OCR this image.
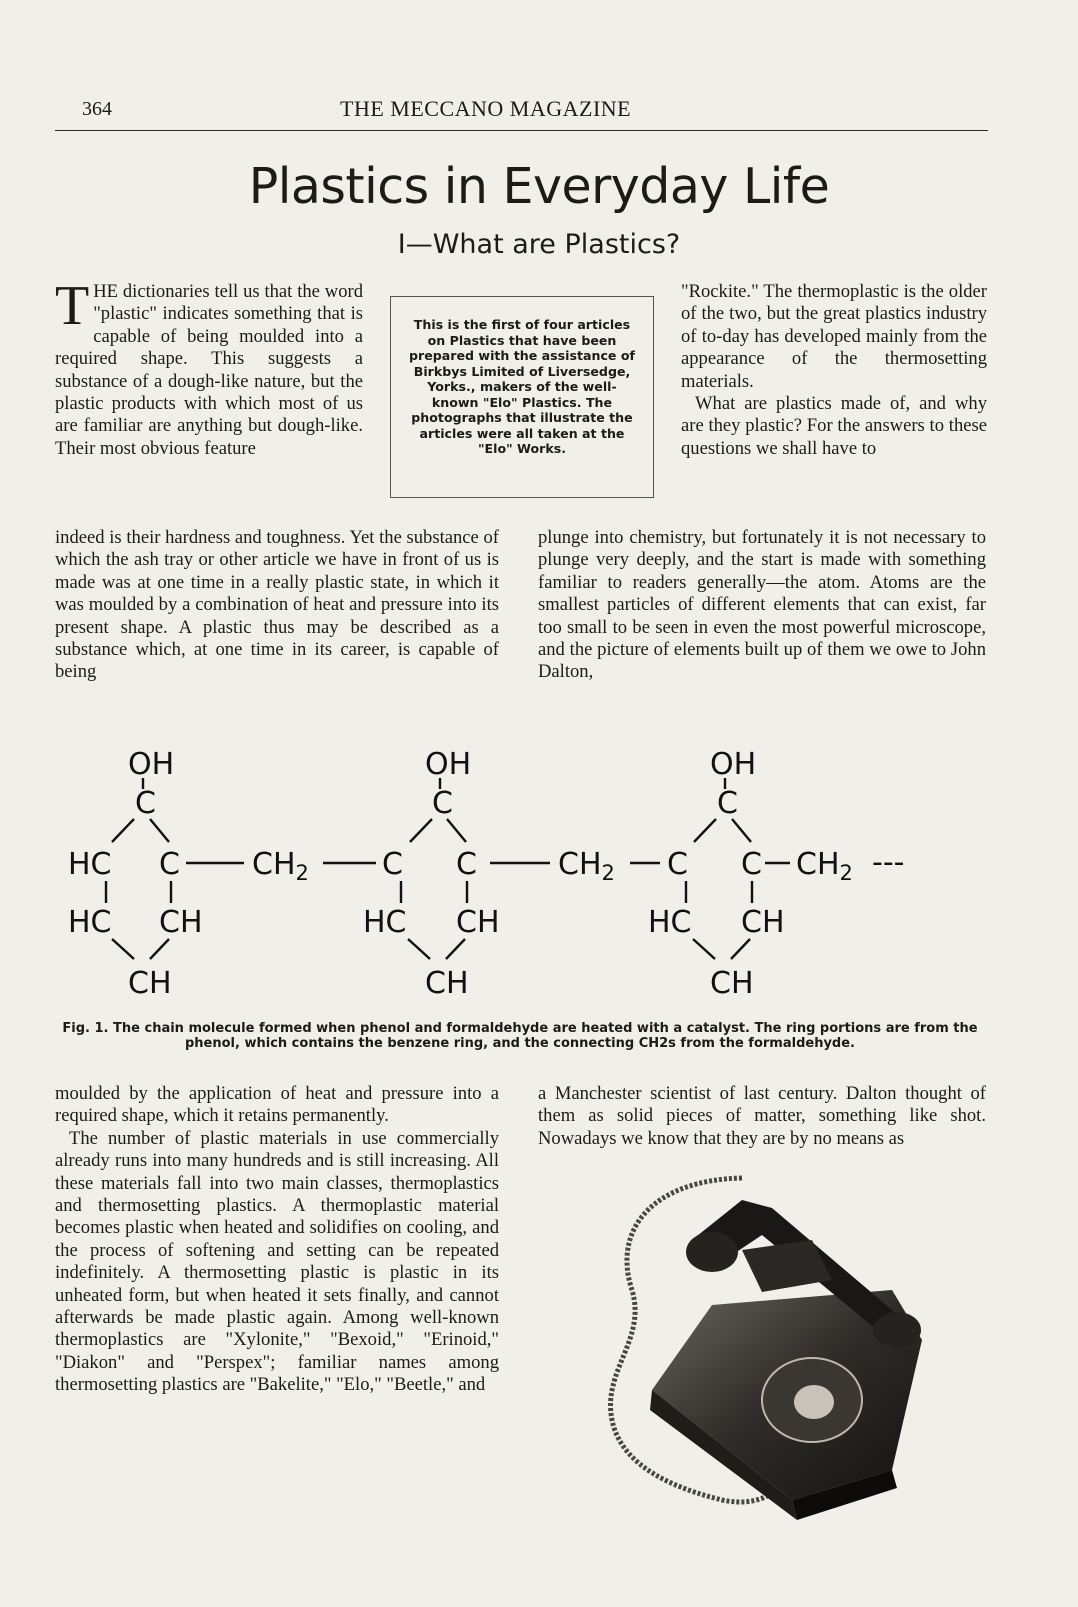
364	THE MECCANO MAGAZINE
Plastics in Everyday Life
I—What are Plastics?
THE dictionaries tell us that the word "plastic" indicates something that is capable of being moulded into a required shape. This suggests a substance of a dough-like nature, but the plastic products with which most of us are familiar are anything but dough-like. Their most obvious feature

This is the first of four articles on Plastics that have been prepared with the assistance of Birkbys Limited of Liversedge, Yorks., makers of the well-known "Elo" Plastics. The photographs that illustrate the articles were all taken at the "Elo" Works.

"Rockite." The thermoplastic is the older of the two, but the great plastics industry of to-day has developed mainly from the appearance of the thermosetting materials.

What are plastics made of, and why are they plastic? For the answers to these questions we shall have to

indeed is their hardness and toughness. Yet the substance of which the ash tray or other article we have in front of us is made was at one time in a really plastic state, in which it was moulded by a combination of heat and pressure into its present shape. A plastic thus may be described as a substance which, at one time in its career, is capable of being
plunge into chemistry, but fortunately it is not necessary to plunge very deeply, and the start is made with something familiar to readers generally—the atom. Atoms are the smallest particles of different elements that can exist, far too small to be seen in even the most powerful microscope, and the picture of elements built up of them we owe to John Dalton,
OH
C
HC C $CH_2$
HC CH
CH
OH
C
C C	$CH_2$
HC CH
CH
OH
C
C C $CH_2$ ---
HC CH
CH
Fig. 1. The chain molecule formed when phenol and formaldehyde are heated with a catalyst. The ring portions are from the phenol, which contains the benzene ring, and the connecting CH2s from the formaldehyde.

moulded by the application of heat and pressure into a required shape, which it retains permanently.

The number of plastic materials in use commercially already runs into many hundreds and is still increasing. All these materials fall into two main classes, thermoplastics and thermosetting plastics. A thermoplastic material becomes plastic when heated and solidifies on cooling, and the process of softening and setting can be repeated indefinitely. A thermosetting plastic is plastic in its unheated form, but when heated it sets finally, and cannot afterwards be made plastic again. Among well-known thermoplastics are "Xylonite," "Bexoid," "Erinoid," "Diakon" and "Perspex"; familiar names among thermosetting plastics are "Bakelite," "Elo," "Beetle," and

a Manchester scientist of last century. Dalton thought of them as solid pieces of matter, something like shot. Nowadays we know that they are by no means as
